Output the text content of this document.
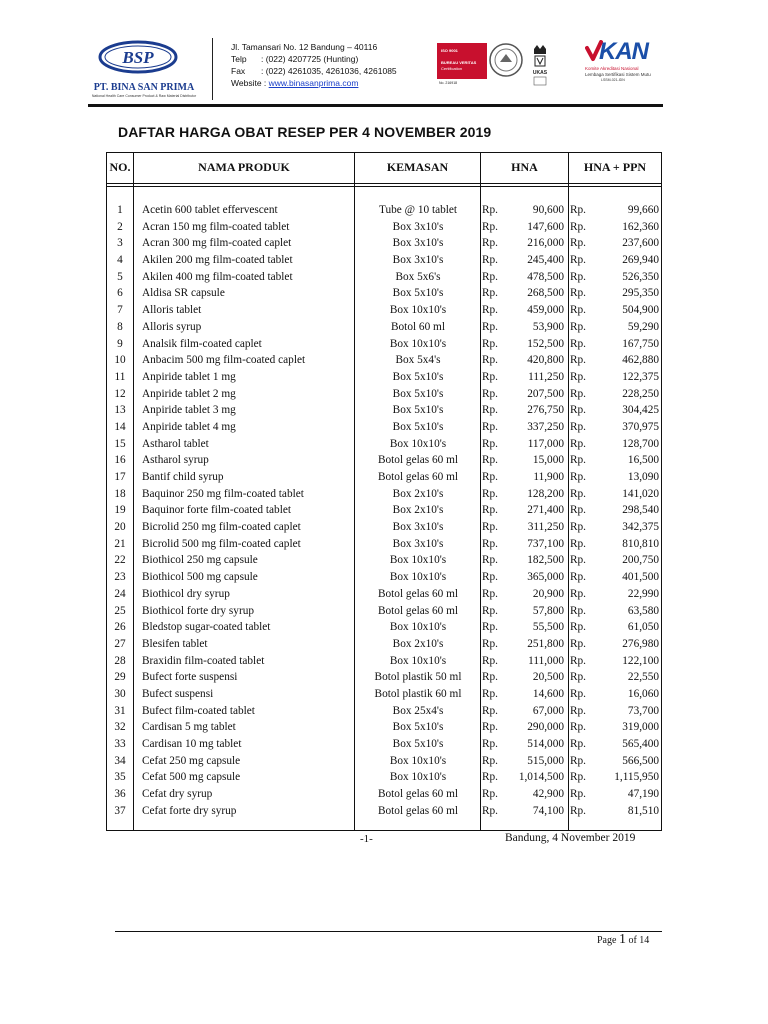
BSP
PT. BINA SAN PRIMA
National Health Care Consumer Product & Raw Material Distributor
Jl. Tamansari No. 12 Bandung – 40116
Telp : (022) 4207725 (Hunting)
Fax : (022) 4261035, 4261036, 4261085
Website : www.binasanprima.com
ISO 9001
BUREAU VERITAS
Certification
No. 216918
UKAS
KAN
Komite Akreditasi Nasional
Lembaga Sertifikasi Sistem Mutu
LSSM-021-IDN
DAFTAR HARGA OBAT RESEP PER 4 NOVEMBER 2019
NO.	NAMA PRODUK	KEMASAN	HNA	HNA + PPN
1	Acetin 600 tablet effervescent	Tube @ 10 tablet	Rp.	90,600 Rp.	99,660
2	Acran 150 mg film-coated tablet	Box 3x10's	Rp.	147,600 Rp.	162,360
3	Acran 300 mg film-coated caplet	Box 3x10's	Rp.	216,000 Rp.	237,600
4	Akilen 200 mg film-coated tablet	Box 3x10's	Rp.	245,400 Rp.	269,940
5	Akilen 400 mg film-coated tablet	Box 5x6's	Rp.	478,500 Rp.	526,350
6	Aldisa SR capsule	Box 5x10's	Rp.	268,500 Rp.	295,350
7	Alloris tablet	Box 10x10's	Rp.	459,000 Rp.	504,900
8	Alloris syrup	Botol 60 ml	Rp.	53,900 Rp.	59,290
9	Analsik film-coated caplet	Box 10x10's	Rp.	152,500 Rp.	167,750
10	Anbacim 500 mg film-coated caplet	Box 5x4's	Rp.	420,800 Rp.	462,880
11	Anpiride tablet 1 mg	Box 5x10's	Rp.	111,250 Rp.	122,375
12	Anpiride tablet 2 mg	Box 5x10's	Rp.	207,500 Rp.	228,250
13	Anpiride tablet 3 mg	Box 5x10's	Rp.	276,750 Rp.	304,425
14	Anpiride tablet 4 mg	Box 5x10's	Rp.	337,250 Rp.	370,975
15	Astharol tablet	Box 10x10's	Rp.	117,000 Rp.	128,700
16	Astharol syrup	Botol gelas 60 ml	Rp.	15,000 Rp.	16,500
17	Bantif child syrup	Botol gelas 60 ml	Rp.	11,900 Rp.	13,090
18	Baquinor 250 mg film-coated tablet	Box 2x10's	Rp.	128,200 Rp.	141,020
19	Baquinor forte film-coated tablet	Box 2x10's	Rp.	271,400 Rp.	298,540
20	Bicrolid 250 mg film-coated caplet	Box 3x10's	Rp.	311,250 Rp.	342,375
21	Bicrolid 500 mg film-coated caplet	Box 3x10's	Rp.	737,100 Rp.	810,810
22	Biothicol 250 mg capsule	Box 10x10's	Rp.	182,500 Rp.	200,750
23	Biothicol 500 mg capsule	Box 10x10's	Rp.	365,000 Rp.	401,500
24	Biothicol dry syrup	Botol gelas 60 ml	Rp.	20,900 Rp.	22,990
25	Biothicol forte dry syrup	Botol gelas 60 ml	Rp.	57,800 Rp.	63,580
26	Bledstop sugar-coated tablet	Box 10x10's	Rp.	55,500 Rp.	61,050
27	Blesifen tablet	Box 2x10's	Rp.	251,800 Rp.	276,980
28	Braxidin film-coated tablet	Box 10x10's	Rp.	111,000 Rp.	122,100
29	Bufect forte suspensi	Botol plastik 50 ml	Rp.	20,500 Rp.	22,550
30	Bufect suspensi	Botol plastik 60 ml	Rp.	14,600 Rp.	16,060
31	Bufect film-coated tablet	Box 25x4's	Rp.	67,000 Rp.	73,700
32	Cardisan 5 mg tablet	Box 5x10's	Rp.	290,000 Rp.	319,000
33	Cardisan 10 mg tablet	Box 5x10's	Rp.	514,000 Rp.	565,400
34	Cefat 250 mg capsule	Box 10x10's	Rp.	515,000 Rp.	566,500
35	Cefat 500 mg capsule	Box 10x10's	Rp.	1,014,500 Rp.	1,115,950
36	Cefat dry syrup	Botol gelas 60 ml	Rp.	42,900 Rp.	47,190
37	Cefat forte dry syrup	Botol gelas 60 ml	Rp.	74,100 Rp.	81,510
-1-	Bandung, 4 November 2019
Page 1 of 14
